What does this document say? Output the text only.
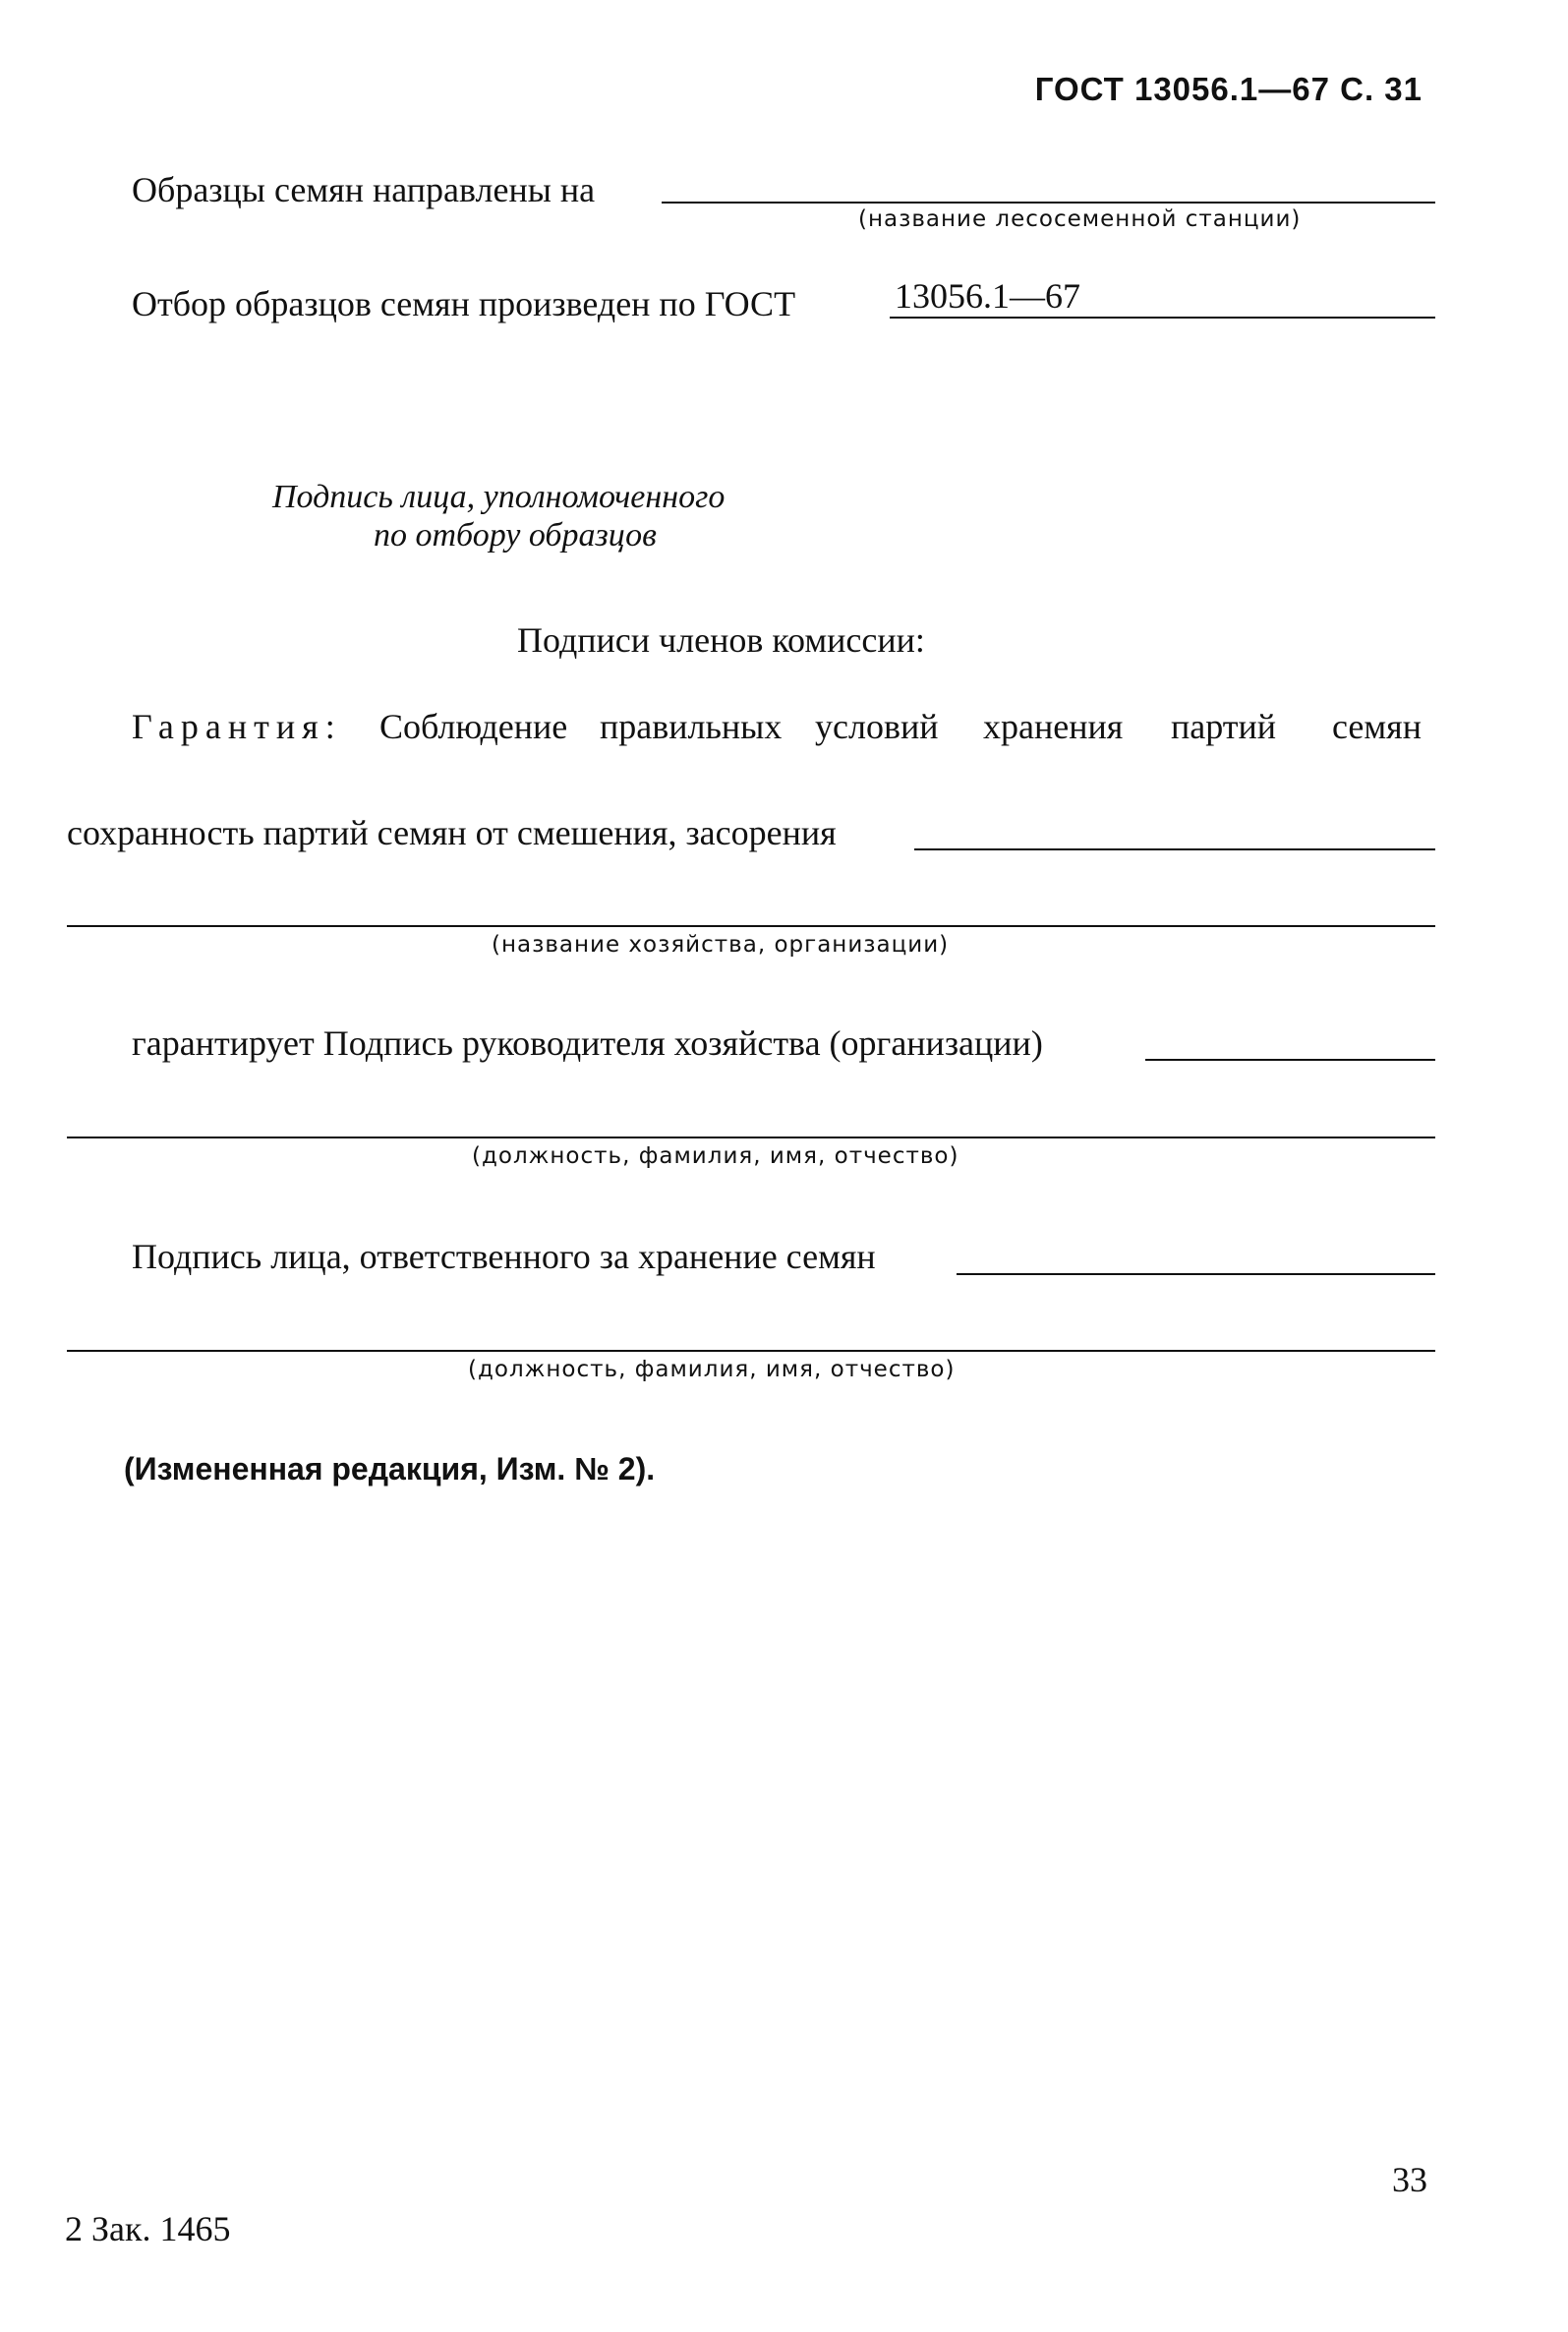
ГОСТ 13056.1—67 С. 31
Образцы семян направлены на
(название лесосеменной станции)
Отбор образцов семян произведен по ГОСТ	13056.1—67
Подпись лица, уполномоченного
по отбору образцов
Подписи членов комиссии:
Гарантия: Соблюдение правильных условий хранения партий семян
сохранность партий семян от смешения, засорения
(название хозяйства, организации)
гарантирует Подпись руководителя хозяйства (организации)
(должность, фамилия, имя, отчество)
Подпись лица, ответственного за хранение семян
(должность, фамилия, имя, отчество)
(Измененная редакция, Изм. № 2).
33
2 Зак. 1465
